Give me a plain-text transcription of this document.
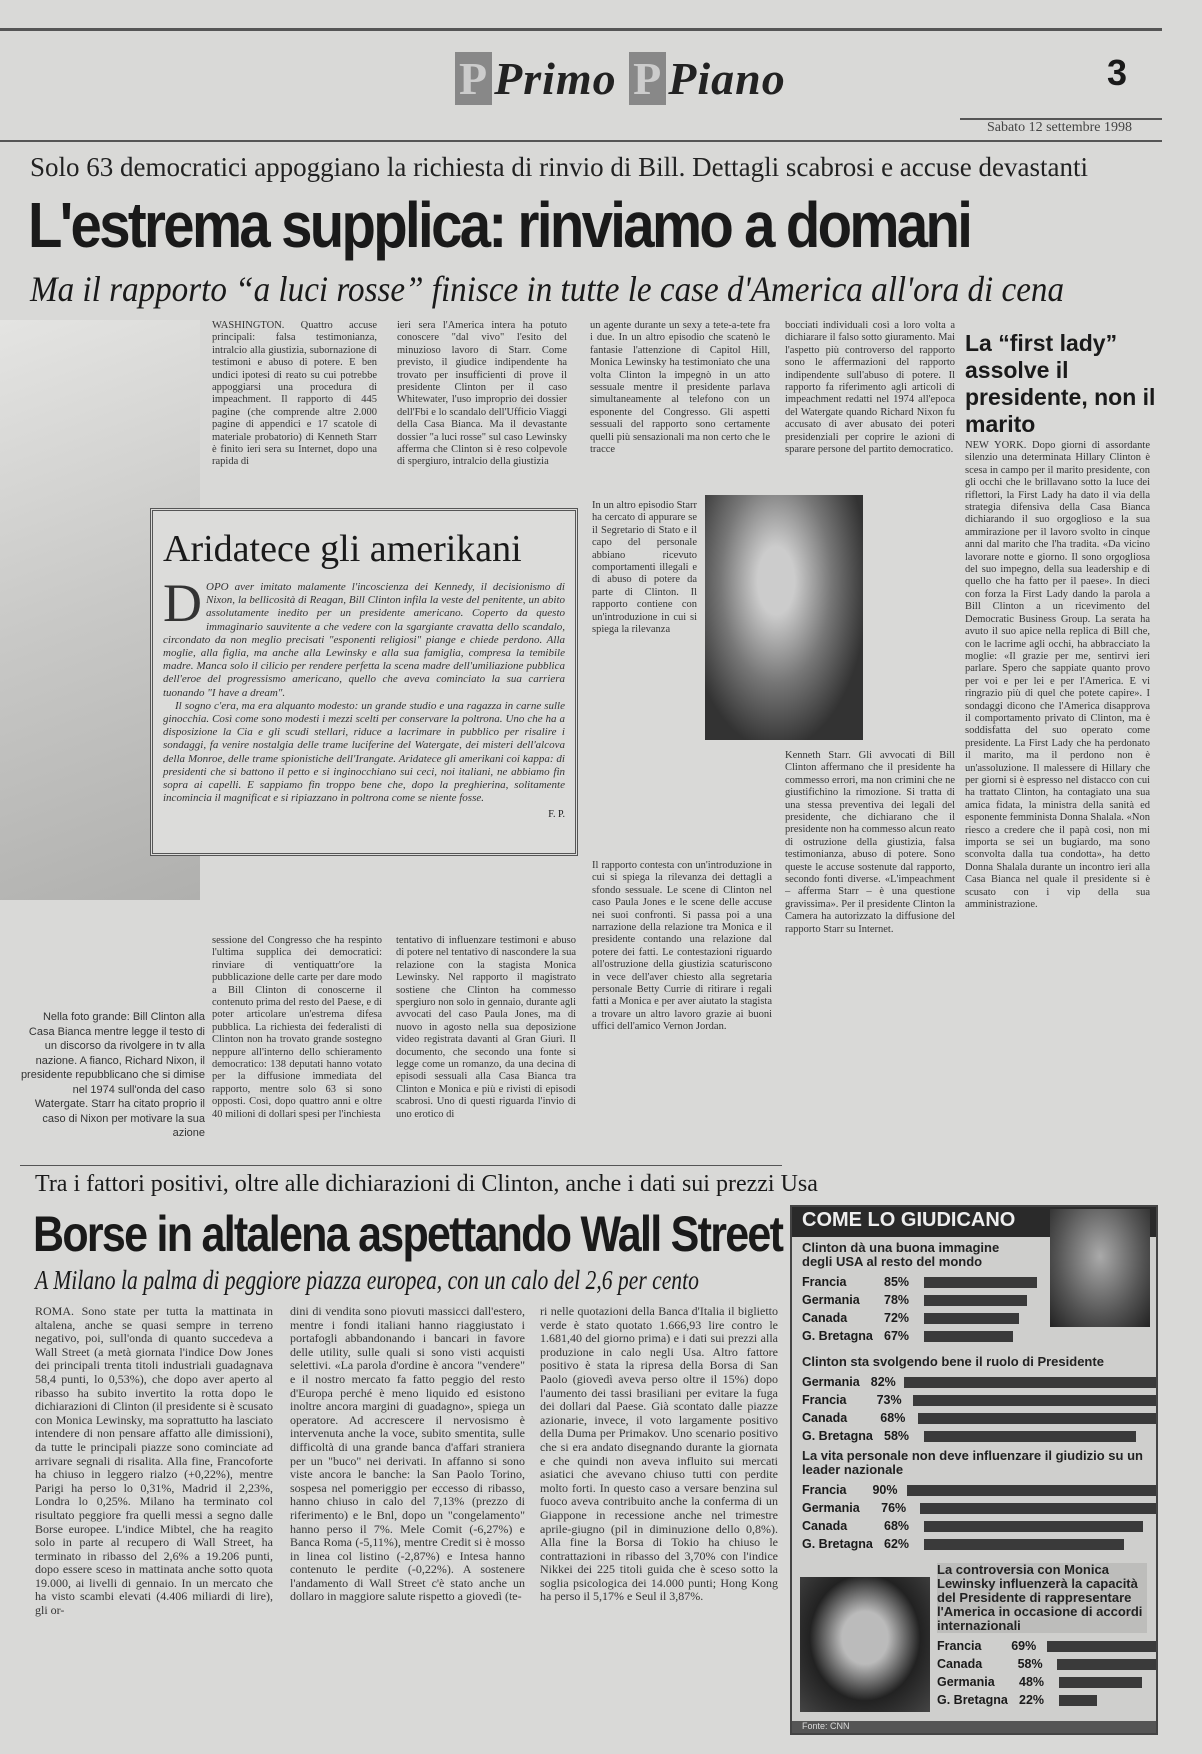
P Primo P Piano	3
Sabato 12 settembre 1998
Solo 63 democratici appoggiano la richiesta di rinvio di Bill. Dettagli scabrosi e accuse devastanti
L'estrema supplica: rinviamo a domani
Ma il rapporto “a luci rosse” finisce in tutte le case d'America all'ora di cena
WASHINGTON. Quattro accuse principali: falsa testimonianza, intralcio alla giustizia, subornazione di testimoni e abuso di potere. E ben undici ipotesi di reato su cui potrebbe appoggiarsi una procedura di impeachment. Il rapporto di 445 pagine (che comprende altre 2.000 pagine di appendici e 17 scatole di materiale probatorio) di Kenneth Starr è finito ieri sera su Internet, dopo una rapida di
ieri sera l'America intera ha potuto conoscere "dal vivo" l'esito del minuzioso lavoro di Starr. Come previsto, il giudice indipendente ha trovato per insufficienti di prove il presidente Clinton per il caso Whitewater, l'uso improprio dei dossier dell'Fbi e lo scandalo dell'Ufficio Viaggi della Casa Bianca. Ma il devastante dossier "a luci rosse" sul caso Lewinsky afferma che Clinton si è reso colpevole di spergiuro, intralcio della giustizia
un agente durante un sexy a tete-a-tete fra i due. In un altro episodio che scatenò le fantasie l'attenzione di Capitol Hill, Monica Lewinsky ha testimoniato che una volta Clinton la impegnò in un atto sessuale mentre il presidente parlava simultaneamente al telefono con un esponente del Congresso. Gli aspetti sessuali del rapporto sono certamente quelli più sensazionali ma non certo che le tracce
bocciati individuali così a loro volta a dichiarare il falso sotto giuramento. Mai l'aspetto più controverso del rapporto sono le affermazioni del rapporto indipendente sull'abuso di potere. Il rapporto fa riferimento agli articoli di impeachment redatti nel 1974 all'epoca del Watergate quando Richard Nixon fu accusato di aver abusato dei poteri presidenziali per coprire le azioni di sparare persone del partito democratico.
La “first lady” assolve il presidente, non il marito
NEW YORK. Dopo giorni di assordante silenzio una determinata Hillary Clinton è scesa in campo per il marito presidente, con gli occhi che le brillavano sotto la luce dei riflettori, la First Lady ha dato il via della strategia difensiva della Casa Bianca dichiarando il suo orgoglioso e la sua ammirazione per il lavoro svolto in cinque anni dal marito che l'ha tradita. «Da vicino lavorare notte e giorno. Il sono orgogliosa del suo impegno, della sua leadership e di quello che ha fatto per il paese». In dieci con forza la First Lady dando la parola a Bill Clinton a un ricevimento del Democratic Business Group. La serata ha avuto il suo apice nella replica di Bill che, con le lacrime agli occhi, ha abbracciato la moglie: «Il grazie per me, sentirvi ieri parlare. Spero che sappiate quanto provo per voi e per lei e per l'America. E vi ringrazio più di quel che potete capire». I sondaggi dicono che l'America disapprova il comportamento privato di Clinton, ma è soddisfatta del suo operato come presidente. La First Lady che ha perdonato il marito, ma il perdono non è un'assoluzione. Il malessere di Hillary che per giorni si è espresso nel distacco con cui ha trattato Clinton, ha contagiato una sua amica fidata, la ministra della sanità ed esponente femminista Donna Shalala. «Non riesco a credere che il papà così, non mi importa se sei un bugiardo, ma sono sconvolta dalla tua condotta», ha detto Donna Shalala durante un incontro ieri alla Casa Bianca nel quale il presidente si è scusato con i vip della sua amministrazione.
Aridatece gli amerikani

DOPO aver imitato malamente l'incoscienza dei Kennedy, il decisionismo di Nixon, la bellicosità di Reagan, Bill Clinton infila la veste del penitente, un abito assolutamente inedito per un presidente americano. Coperto da questo immaginario sauvitente a che vedere con la sgargiante cravatta dello scandalo, circondato da non meglio precisati "esponenti religiosi" piange e chiede perdono. Alla moglie, alla figlia, ma anche alla Lewinsky e alla sua famiglia, compresa la temibile madre. Manca solo il cilicio per rendere perfetta la scena madre dell'umiliazione pubblica dell'eroe del progressismo americano, quello che aveva cominciato la sua carriera tuonando "I have a dream".

Il sogno c'era, ma era alquanto modesto: un grande studio e una ragazza in carne sulle ginocchia. Così come sono modesti i mezzi scelti per conservare la poltrona. Uno che ha a disposizione la Cia e gli scudi stellari, riduce a lacrimare in pubblico per risalire i sondaggi, fa venire nostalgia delle trame luciferine del Watergate, dei misteri dell'alcova della Monroe, delle trame spionistiche dell'Irangate. Aridatece gli amerikani coi kappa: di presidenti che si battono il petto e si inginocchiano sui ceci, noi italiani, ne abbiamo fin sopra ai capelli. E sappiamo fin troppo bene che, dopo la preghierina, solitamente incomincia il magnificat e si ripiazzano in poltrona come se niente fosse.

F. P.
In un altro episodio Starr ha cercato di appurare se il Segretario di Stato e il capo del personale abbiano ricevuto comportamenti illegali e di abuso di potere da parte di Clinton. Il rapporto contiene con un'introduzione in cui si spiega la rilevanza
Nella foto grande: Bill Clinton alla Casa Bianca mentre legge il testo di un discorso da rivolgere in tv alla nazione. A fianco, Richard Nixon, il presidente repubblicano che si dimise nel 1974 sull'onda del caso Watergate. Starr ha citato proprio il caso di Nixon per motivare la sua azione
sessione del Congresso che ha respinto l'ultima supplica dei democratici: rinviare di ventiquattr'ore la pubblicazione delle carte per dare modo a Bill Clinton di conoscerne il contenuto prima del resto del Paese, e di poter articolare un'estrema difesa pubblica. La richiesta dei federalisti di Clinton non ha trovato grande sostegno neppure all'interno dello schieramento democratico: 138 deputati hanno votato per la diffusione immediata del rapporto, mentre solo 63 si sono opposti. Così, dopo quattro anni e oltre 40 milioni di dollari spesi per l'inchiesta
tentativo di influenzare testimoni e abuso di potere nel tentativo di nascondere la sua relazione con la stagista Monica Lewinsky. Nel rapporto il magistrato sostiene che Clinton ha commesso spergiuro non solo in gennaio, durante agli avvocati del caso Paula Jones, ma di nuovo in agosto nella sua deposizione video registrata davanti al Gran Giurì. Il documento, che secondo una fonte si legge come un romanzo, da una decina di episodi sessuali alla Casa Bianca tra Clinton e Monica e più e rivisti di episodi scabrosi. Uno di questi riguarda l'invio di uno erotico di
Il rapporto contesta con un'introduzione in cui si spiega la rilevanza dei dettagli a sfondo sessuale. Le scene di Clinton nel caso Paula Jones e le scene delle accuse nei suoi confronti. Si passa poi a una narrazione della relazione tra Monica e il presidente contando una relazione dal potere dei fatti. Le contestazioni riguardo all'ostruzione della giustizia scaturiscono in vece dell'aver chiesto alla segretaria personale Betty Currie di ritirare i regali fatti a Monica e per aver aiutato la stagista a trovare un altro lavoro grazie ai buoni uffici dell'amico Vernon Jordan.
Kenneth Starr. Gli avvocati di Bill Clinton affermano che il presidente ha commesso errori, ma non crimini che ne giustifichino la rimozione. Si tratta di una stessa preventiva dei legali del presidente, che dichiarano che il presidente non ha commesso alcun reato di ostruzione della giustizia, falsa testimonianza, abuso di potere. Sono queste le accuse sostenute dal rapporto, secondo fonti diverse. «L'impeachment – afferma Starr – è una questione gravissima». Per il presidente Clinton la Camera ha autorizzato la diffusione del rapporto Starr su Internet.
Tra i fattori positivi, oltre alle dichiarazioni di Clinton, anche i dati sui prezzi Usa
Borse in altalena aspettando Wall Street
A Milano la palma di peggiore piazza europea, con un calo del 2,6 per cento
ROMA. Sono state per tutta la mattinata in altalena, anche se quasi sempre in terreno negativo, poi, sull'onda di quanto succedeva a Wall Street (a metà giornata l'indice Dow Jones dei principali trenta titoli industriali guadagnava 58,4 punti, lo 0,53%), che dopo aver aperto al ribasso ha subito invertito la rotta dopo le dichiarazioni di Clinton (il presidente si è scusato con Monica Lewinsky, ma soprattutto ha lasciato intendere di non pensare affatto alle dimissioni), da tutte le principali piazze sono cominciate ad arrivare segnali di risalita. Alla fine, Francoforte ha chiuso in leggero rialzo (+0,22%), mentre Parigi ha perso lo 0,31%, Madrid il 2,23%, Londra lo 0,25%. Milano ha terminato col risultato peggiore fra quelli messi a segno dalle Borse europee. L'indice Mibtel, che ha reagito solo in parte al recupero di Wall Street, ha terminato in ribasso del 2,6% a 19.206 punti, dopo essere sceso in mattinata anche sotto quota 19.000, ai livelli di gennaio. In un mercato che ha visto scambi elevati (4.406 miliardi di lire), gli or-
dini di vendita sono piovuti massicci dall'estero, mentre i fondi italiani hanno riaggiustato i portafogli abbandonando i bancari in favore delle utility, sulle quali si sono visti acquisti selettivi. «La parola d'ordine è ancora "vendere" e il nostro mercato fa fatto peggio del resto d'Europa perché è meno liquido ed esistono inoltre ancora margini di guadagno», spiega un operatore. Ad accrescere il nervosismo è intervenuta anche la voce, subito smentita, sulle difficoltà di una grande banca d'affari straniera per un "buco" nei derivati. In affanno si sono viste ancora le banche: la San Paolo Torino, sospesa nel pomeriggio per eccesso di ribasso, hanno chiuso in calo del 7,13% (prezzo di riferimento) e le Bnl, dopo un "congelamento" hanno perso il 7%. Mele Comit (-6,27%) e Banca Roma (-5,11%), mentre Credit si è mosso in linea col listino (-2,87%) e Intesa hanno contenuto le perdite (-0,22%). A sostenere l'andamento di Wall Street c'è stato anche un dollaro in maggiore salute rispetto a giovedì (te-
ri nelle quotazioni della Banca d'Italia il biglietto verde è stato quotato 1.666,93 lire contro le 1.681,40 del giorno prima) e i dati sui prezzi alla produzione in calo negli Usa. Altro fattore positivo è stata la ripresa della Borsa di San Paolo (giovedì aveva perso oltre il 15%) dopo l'aumento dei tassi brasiliani per evitare la fuga dei dollari dal Paese. Già scontato dalle piazze azionarie, invece, il voto largamente positivo della Duma per Primakov. Uno scenario positivo che si era andato disegnando durante la giornata e che quindi non aveva influito sui mercati asiatici che avevano chiuso tutti con perdite molto forti. In questo caso a versare benzina sul fuoco aveva contribuito anche la conferma di un Giappone in recessione anche nel trimestre aprile-giugno (pil in diminuzione dello 0,8%). Alla fine la Borsa di Tokio ha chiuso le contrattazioni in ribasso del 3,70% con l'indice Nikkei dei 225 titoli guida che è sceso sotto la soglia psicologica dei 14.000 punti; Hong Kong ha perso il 5,17% e Seul il 3,87%.
COME LO GIUDICANO
Clinton dà una buona immagine degli USA al resto del mondo
Francia	85%
Germania	78%
Canada	72%
G. Bretagna 67%
Clinton sta svolgendo bene il ruolo di Presidente
Germania 82%
Francia	73%
Canada	68%
G. Bretagna 58%
La vita personale non deve influenzare il giudizio su un leader nazionale
Francia	90%
Germania	76%
Canada	68%
G. Bretagna 62%
La controversia con Monica Lewinsky influenzerà la capacità del Presidente di rappresentare l'America in occasione di accordi internazionali
Francia	69%
Canada	58%
Germania	48%
G. Bretagna 22%
Fonte: CNN
